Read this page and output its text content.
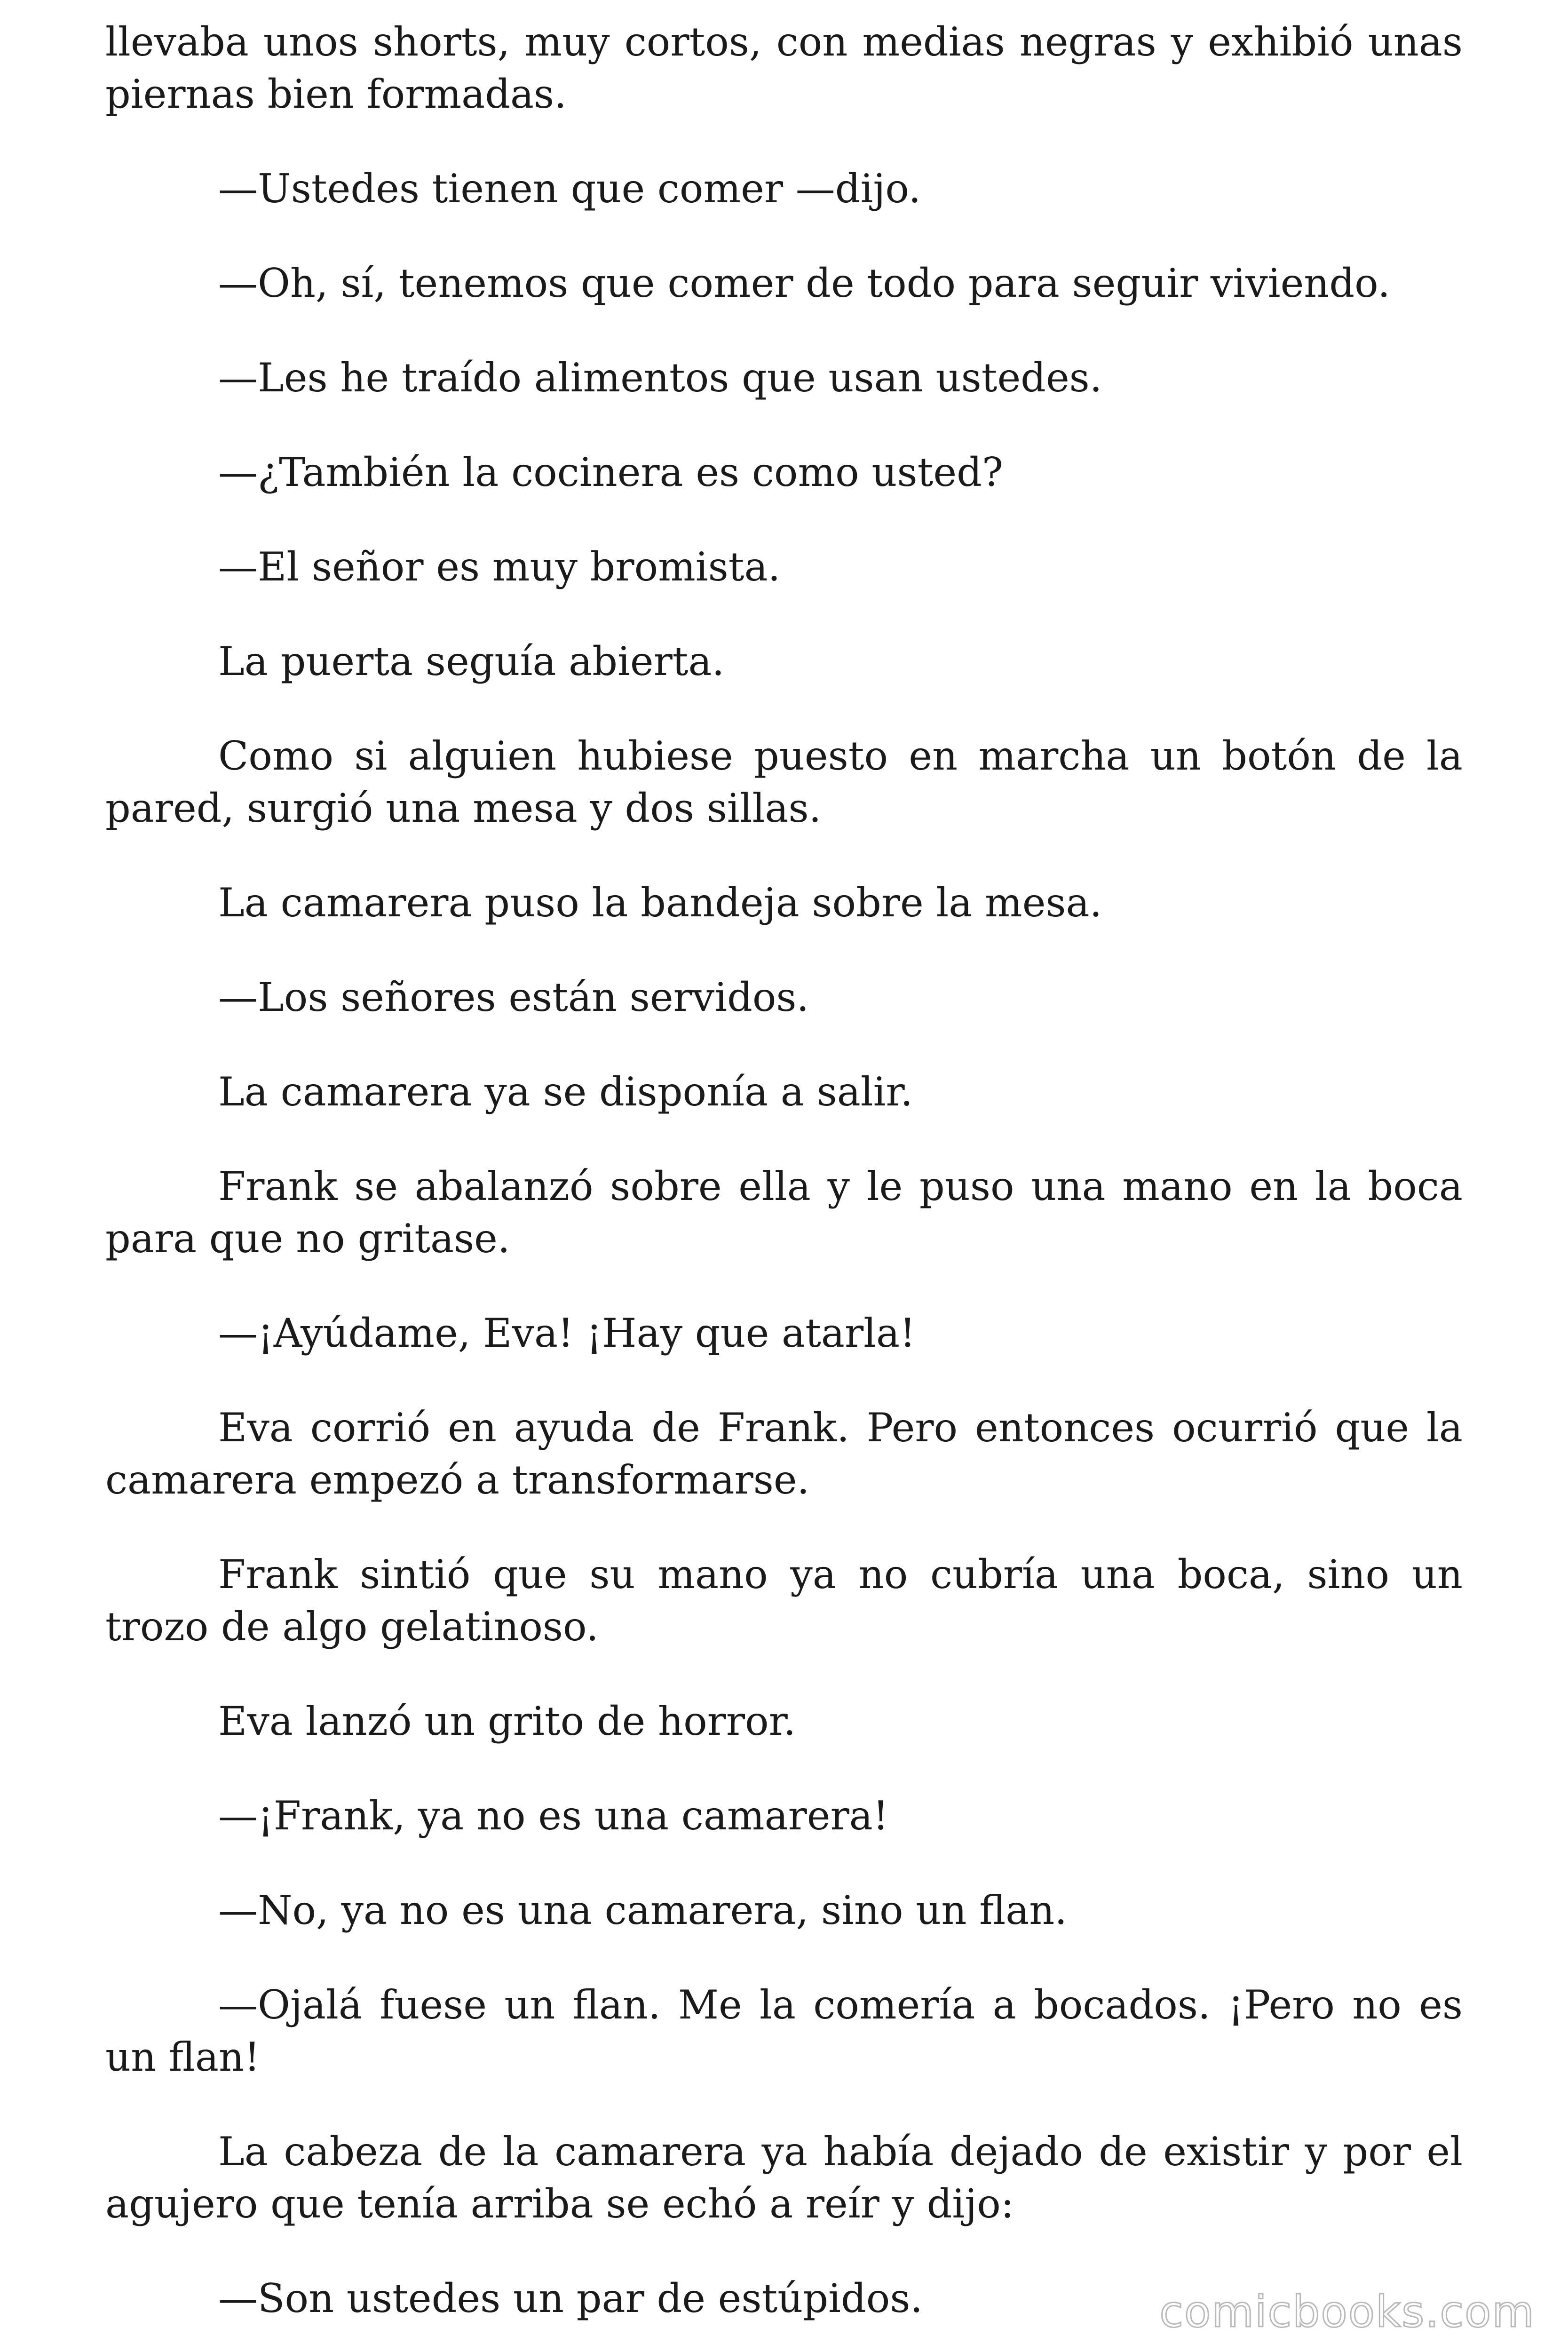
llevaba unos shorts, muy cortos, con medias negras y exhibió unas piernas bien formadas.

—Ustedes tienen que comer —dijo.

—Oh, sí, tenemos que comer de todo para seguir viviendo.

—Les he traído alimentos que usan ustedes.

—¿También la cocinera es como usted?

—El señor es muy bromista.

La puerta seguía abierta.

Como si alguien hubiese puesto en marcha un botón de la pared, surgió una mesa y dos sillas.

La camarera puso la bandeja sobre la mesa.

—Los señores están servidos.

La camarera ya se disponía a salir.

Frank se abalanzó sobre ella y le puso una mano en la boca para que no gritase.

—¡Ayúdame, Eva! ¡Hay que atarla!

Eva corrió en ayuda de Frank. Pero entonces ocurrió que la camarera empezó a transformarse.

Frank sintió que su mano ya no cubría una boca, sino un trozo de algo gelatinoso.

Eva lanzó un grito de horror.

—¡Frank, ya no es una camarera!

—No, ya no es una camarera, sino un flan.

—Ojalá fuese un flan. Me la comería a bocados. ¡Pero no es un flan!

La cabeza de la camarera ya había dejado de existir y por el agujero que tenía arriba se echó a reír y dijo:

—Son ustedes un par de estúpidos.	comicbooks.com
